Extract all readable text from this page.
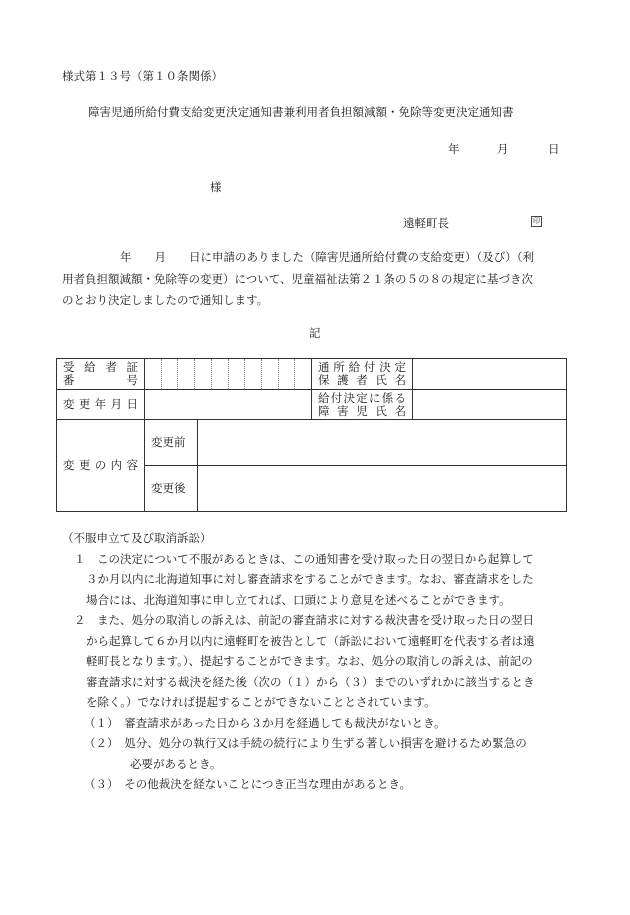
様式第１３号（第１０条関係）
障害児通所給付費支給変更決定通知書兼利用者負担額減額・免除等変更決定通知書
年	月	日
様
遠軽町長	印
年　　月　　日に申請のありました（障害児通所給付費の支給変更）（及び）（利
用者負担額減額・免除等の変更）について、児童福祉法第２１条の５の８の規定に基づき次
のとおり決定しましたので通知します。
記
受 給 者 証
番　　　　号			通所給付決定
保 護 者 氏 名	

変 更 年 月 日			給付決定に係る
障 害 児 氏 名	

変 更 の 内 容	変更前			
	変更後			
（不服申立て及び取消訴訟）
１　 この決定について不服があるときは、この通知書を受け取った日の翌日から起算して
３か月以内に北海道知事に対し審査請求をすることができます。なお、審査請求をした
場合には、北海道知事に申し立てれば、口頭により意見を述べることができます。
２　 また、処分の取消しの訴えは、前記の審査請求に対する裁決書を受け取った日の翌日
から起算して６か月以内に遠軽町を被告として（訴訟において遠軽町を代表する者は遠
軽町長となります。）、提起することができます。なお、処分の取消しの訴えは、前記の
審査請求に対する裁決を経た後（次の（１）から（３）までのいずれかに該当するとき
を除く。）でなければ提起することができないこととされています。
（１）　 審査請求があった日から３か月を経過しても裁決がないとき。
（２）　 処分、処分の執行又は手続の続行により生ずる著しい損害を避けるため緊急の
必要があるとき。
（３）　 その他裁決を経ないことにつき正当な理由があるとき。
